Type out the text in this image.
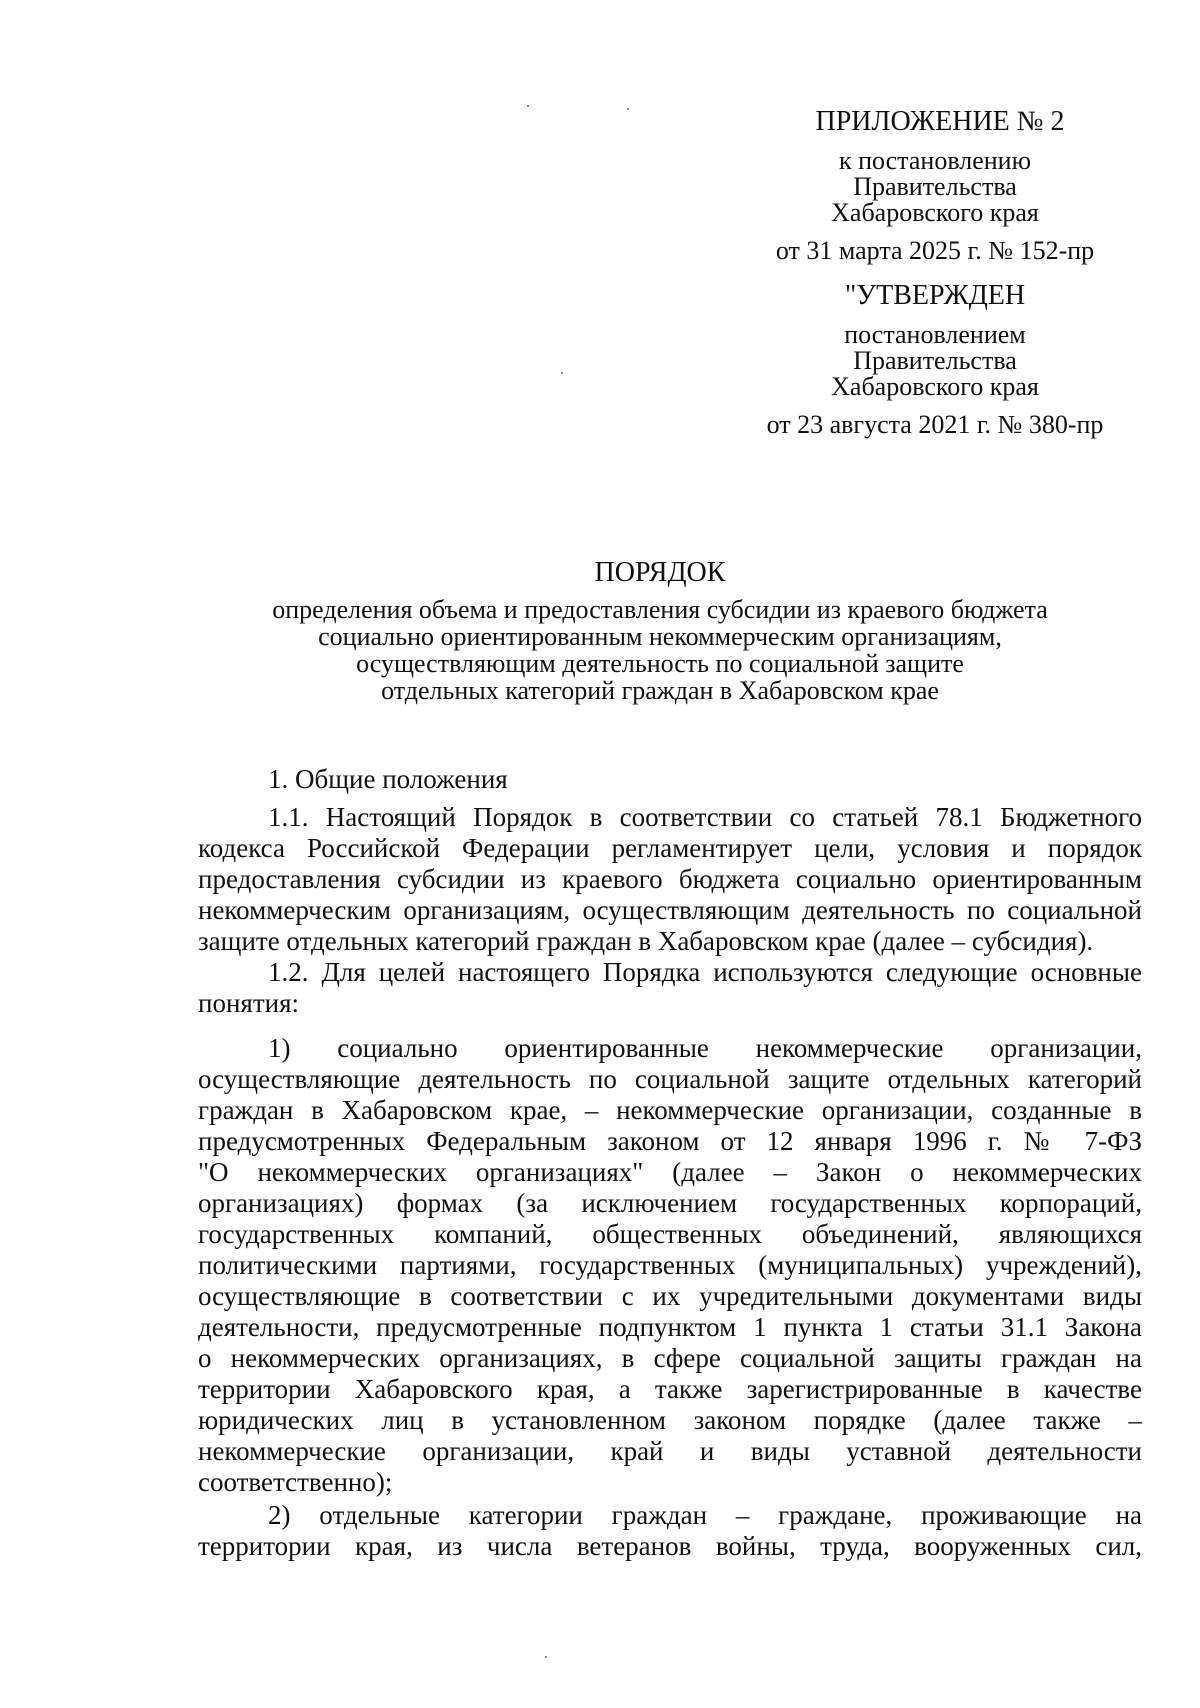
ПРИЛОЖЕНИЕ № 2
к постановлению
Правительства
Хабаровского края
от 31 марта 2025 г. № 152-пр
"УТВЕРЖДЕН
постановлением
Правительства
Хабаровского края
от 23 августа 2021 г. № 380-пр
ПОРЯДОК
определения объема и предоставления субсидии из краевого бюджета
социально ориентированным некоммерческим организациям,
осуществляющим деятельность по социальной защите
отдельных категорий граждан в Хабаровском крае
1. Общие положения
1.1. Настоящий Порядок в соответствии со статьей 78.1 Бюджетного
кодекса Российской Федерации регламентирует цели, условия и порядок
предоставления субсидии из краевого бюджета социально ориентированным
некоммерческим организациям, осуществляющим деятельность по социальной
защите отдельных категорий граждан в Хабаровском крае (далее – субсидия).
1.2. Для целей настоящего Порядка используются следующие основные
понятия:
1) социально ориентированные некоммерческие организации,
осуществляющие деятельность по социальной защите отдельных категорий
граждан в Хабаровском крае, – некоммерческие организации, созданные в
предусмотренных Федеральным законом от 12 января 1996 г. № 7-ФЗ
"О некоммерческих организациях" (далее – Закон о некоммерческих
организациях) формах (за исключением государственных корпораций,
государственных компаний, общественных объединений, являющихся
политическими партиями, государственных (муниципальных) учреждений),
осуществляющие в соответствии с их учредительными документами виды
деятельности, предусмотренные подпунктом 1 пункта 1 статьи 31.1 Закона
о некоммерческих организациях, в сфере социальной защиты граждан на
территории Хабаровского края, а также зарегистрированные в качестве
юридических лиц в установленном законом порядке (далее также –
некоммерческие организации, край и виды уставной деятельности
соответственно);
2) отдельные категории граждан – граждане, проживающие на
территории края, из числа ветеранов войны, труда, вооруженных сил,
